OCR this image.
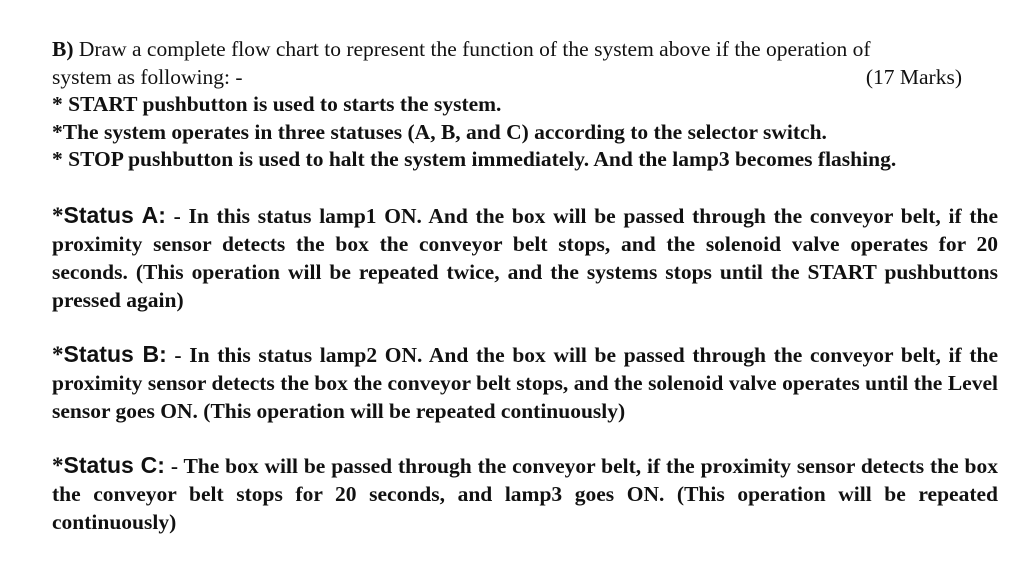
B) Draw a complete flow chart to represent the function of the system above if the operation of
system as following: -	(17 Marks)
* START pushbutton is used to starts the system.
*The system operates in three statuses (A, B, and C) according to the selector switch.
* STOP pushbutton is used to halt the system immediately. And the lamp3 becomes flashing.
*Status A: - In this status lamp1 ON. And the box will be passed through the conveyor belt, if the proximity sensor detects the box the conveyor belt stops, and the solenoid valve operates for 20 seconds. (This operation will be repeated twice, and the systems stops until the START pushbuttons pressed again)
*Status B: - In this status lamp2 ON. And the box will be passed through the conveyor belt, if the proximity sensor detects the box the conveyor belt stops, and the solenoid valve operates until the Level sensor goes ON. (This operation will be repeated continuously)
*Status C: - The box will be passed through the conveyor belt, if the proximity sensor detects the box the conveyor belt stops for 20 seconds, and lamp3 goes ON. (This operation will be repeated continuously)
